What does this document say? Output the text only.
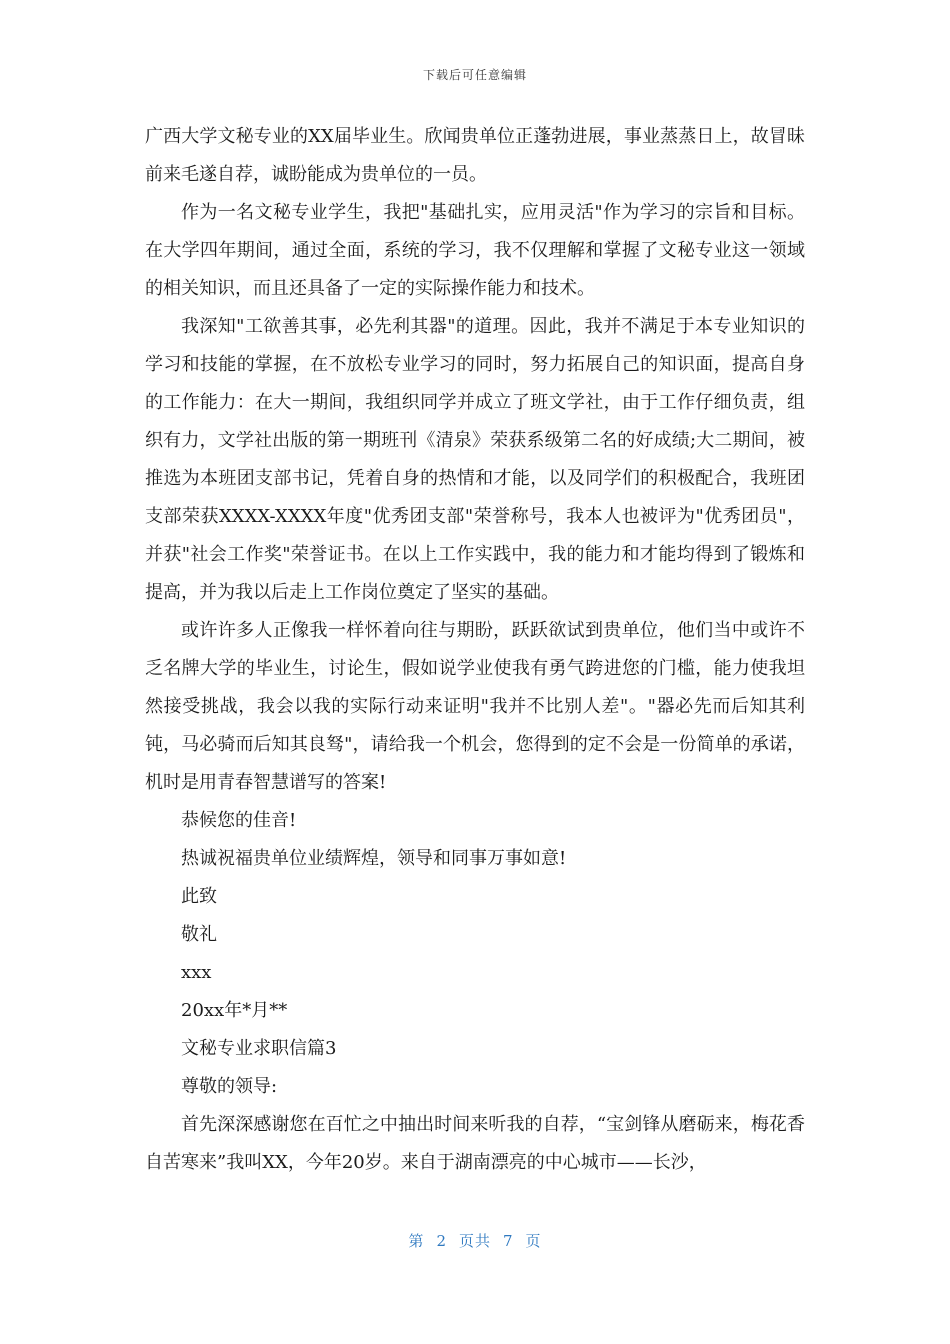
下载后可任意编辑

广西大学文秘专业的XX届毕业生。欣闻贵单位正蓬勃进展，事业蒸蒸日上，故冒昧前来毛遂自荐，诚盼能成为贵单位的一员。

作为一名文秘专业学生，我把"基础扎实，应用灵活"作为学习的宗旨和目标。在大学四年期间，通过全面，系统的学习，我不仅理解和掌握了文秘专业这一领域的相关知识，而且还具备了一定的实际操作能力和技术。

我深知"工欲善其事，必先利其器"的道理。因此，我并不满足于本专业知识的学习和技能的掌握，在不放松专业学习的同时，努力拓展自己的知识面，提高自身的工作能力：在大一期间，我组织同学并成立了班文学社，由于工作仔细负责，组织有力，文学社出版的第一期班刊《清泉》荣获系级第二名的好成绩;大二期间，被推选为本班团支部书记，凭着自身的热情和才能，以及同学们的积极配合，我班团支部荣获XXXX-XXXX年度"优秀团支部"荣誉称号，我本人也被评为"优秀团员"，并获"社会工作奖"荣誉证书。在以上工作实践中，我的能力和才能均得到了锻炼和提高，并为我以后走上工作岗位奠定了坚实的基础。

或许许多人正像我一样怀着向往与期盼，跃跃欲试到贵单位，他们当中或许不乏名牌大学的毕业生，讨论生，假如说学业使我有勇气跨进您的门槛，能力使我坦然接受挑战，我会以我的实际行动来证明"我并不比别人差"。"器必先而后知其利钝，马必骑而后知其良驽"，请给我一个机会，您得到的定不会是一份简单的承诺，机时是用青春智慧谱写的答案!

恭候您的佳音!

热诚祝福贵单位业绩辉煌，领导和同事万事如意!

此致

敬礼

xxx

20xx年*月**

文秘专业求职信篇3

尊敬的领导:

首先深深感谢您在百忙之中抽出时间来听我的自荐，“宝剑锋从磨砺来，梅花香自苦寒来”我叫XX，今年20岁。来自于湖南漂亮的中心城市——长沙，

第 2 页共 7 页
